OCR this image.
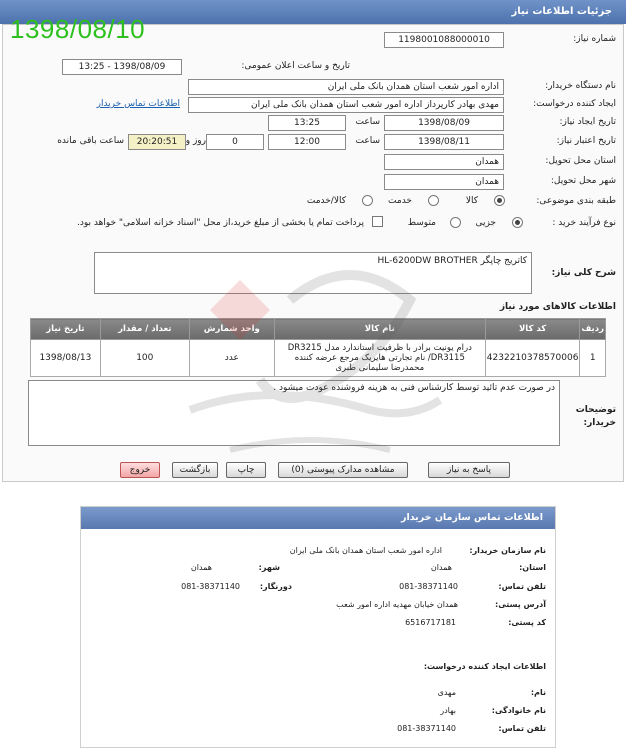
جزئیات اطلاعات نیاز
1398/08/10	شماره نیاز:
1198001088000010
تاریخ و ساعت اعلان عمومی:
1398/08/09 - 13:25
نام دستگاه خریدار:
اداره امور شعب استان همدان بانک ملی ایران
ایجاد کننده درخواست:
مهدی بهادر کارپرداز اداره امور شعب استان همدان بانک ملی ایران
اطلاعات تماس خریدار
تاریخ ایجاد نیاز:
1398/08/09
ساعت
13:25
تاریخ اعتبار نیاز:
1398/08/11
ساعت
12:00
0
روز و
20:20:51
ساعت باقی مانده
استان محل تحویل:
همدان
شهر محل تحویل:
همدان
طبقه بندی موضوعی:
کالا
خدمت
کالا/خدمت
نوع فرآیند خرید :
جزیی
متوسط
پرداخت تمام یا بخشی از مبلغ خرید،از محل "اسناد خزانه اسلامی" خواهد بود.
شرح کلی نیاز:
کاتریج چاپگر HL-6200DW BROTHER
اطلاعات کالاهای مورد نیاز
ردیف	کد کالا	نام کالا	واحد شمارش	تعداد / مقدار	تاریخ نیاز
1	4232210378570006	درام یونیت برادر با ظرفیت استاندارد مدل DR3215 /DR3115 نام تجارتی هایریک مرجع عرضه کننده محمدرضا سلیمانی طبری	عدد	100	1398/08/13
توضیحات خریدار:
در صورت عدم تائید توسط کارشناس فنی به هزینه فروشنده عودت میشود .
پاسخ به نیاز
مشاهده مدارک پیوستی (0)
چاپ
بازگشت
خروج
اطلاعات تماس سازمان خریدار
نام سازمان خریدار:
اداره امور شعب استان همدان بانک ملی ایران
استان:
همدان
شهر:
همدان
تلفن تماس:
081-38371140
دورنگار:
081-38371140
آدرس پستی:
همدان خیابان مهدیه اداره امور شعب
کد پستی:
6516717181
اطلاعات ایجاد کننده درخواست:
نام:
مهدی
نام خانوادگی:
بهادر
تلفن تماس:
081-38371140
